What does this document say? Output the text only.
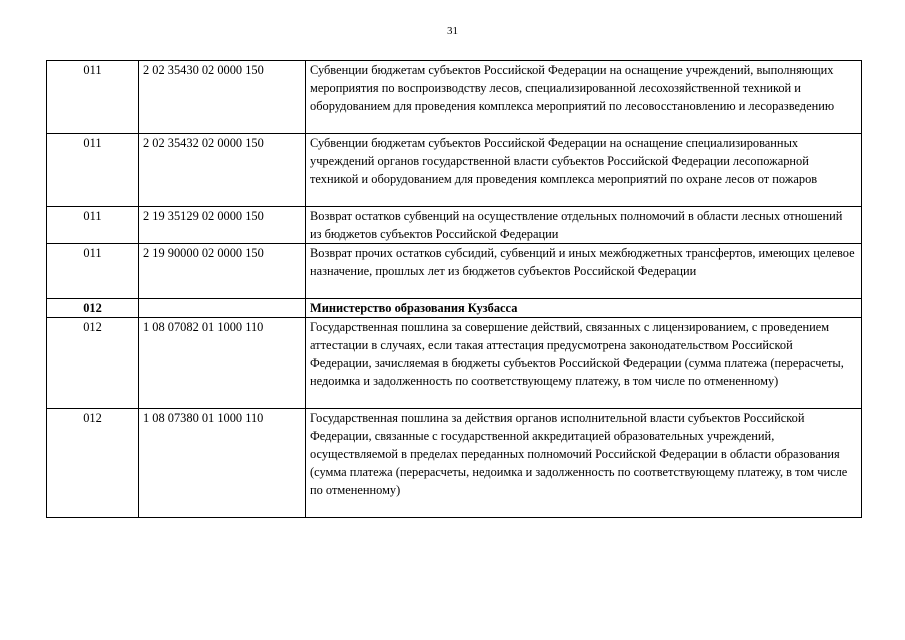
31
011	2 02 35430 02 0000 150	Субвенции бюджетам субъектов Российской Федерации на оснащение учреждений, выполняющих мероприятия по воспроизводству лесов, специализированной лесохозяйственной техникой и оборудованием для проведения комплекса мероприятий по лесовосстановлению и лесоразведению
011	2 02 35432 02 0000 150	Субвенции бюджетам субъектов Российской Федерации на оснащение специализированных учреждений органов государственной власти субъектов Российской Федерации лесопожарной техникой и оборудованием для проведения комплекса мероприятий по охране лесов от пожаров
011	2 19 35129 02 0000 150	Возврат остатков субвенций на осуществление отдельных полномочий в области лесных отношений из бюджетов субъектов Российской Федерации
011	2 19 90000 02 0000 150	Возврат прочих остатков субсидий, субвенций и иных межбюджетных трансфертов, имеющих целевое назначение, прошлых лет из бюджетов субъектов Российской Федерации
012		Министерство образования Кузбасса
012	1 08 07082 01 1000 110	Государственная пошлина за совершение действий, связанных с лицензированием, с проведением аттестации в случаях, если такая аттестация предусмотрена законодательством Российской Федерации, зачисляемая в бюджеты субъектов Российской Федерации (сумма платежа (перерасчеты, недоимка и задолженность по соответствующему платежу, в том числе по отмененному)
012	1 08 07380 01 1000 110	Государственная пошлина за действия органов исполнительной власти субъектов Российской Федерации, связанные с государственной аккредитацией образовательных учреждений, осуществляемой в пределах переданных полномочий Российской Федерации в области образования (сумма платежа (перерасчеты, недоимка и задолженность по соответствующему платежу, в том числе по отмененному)
